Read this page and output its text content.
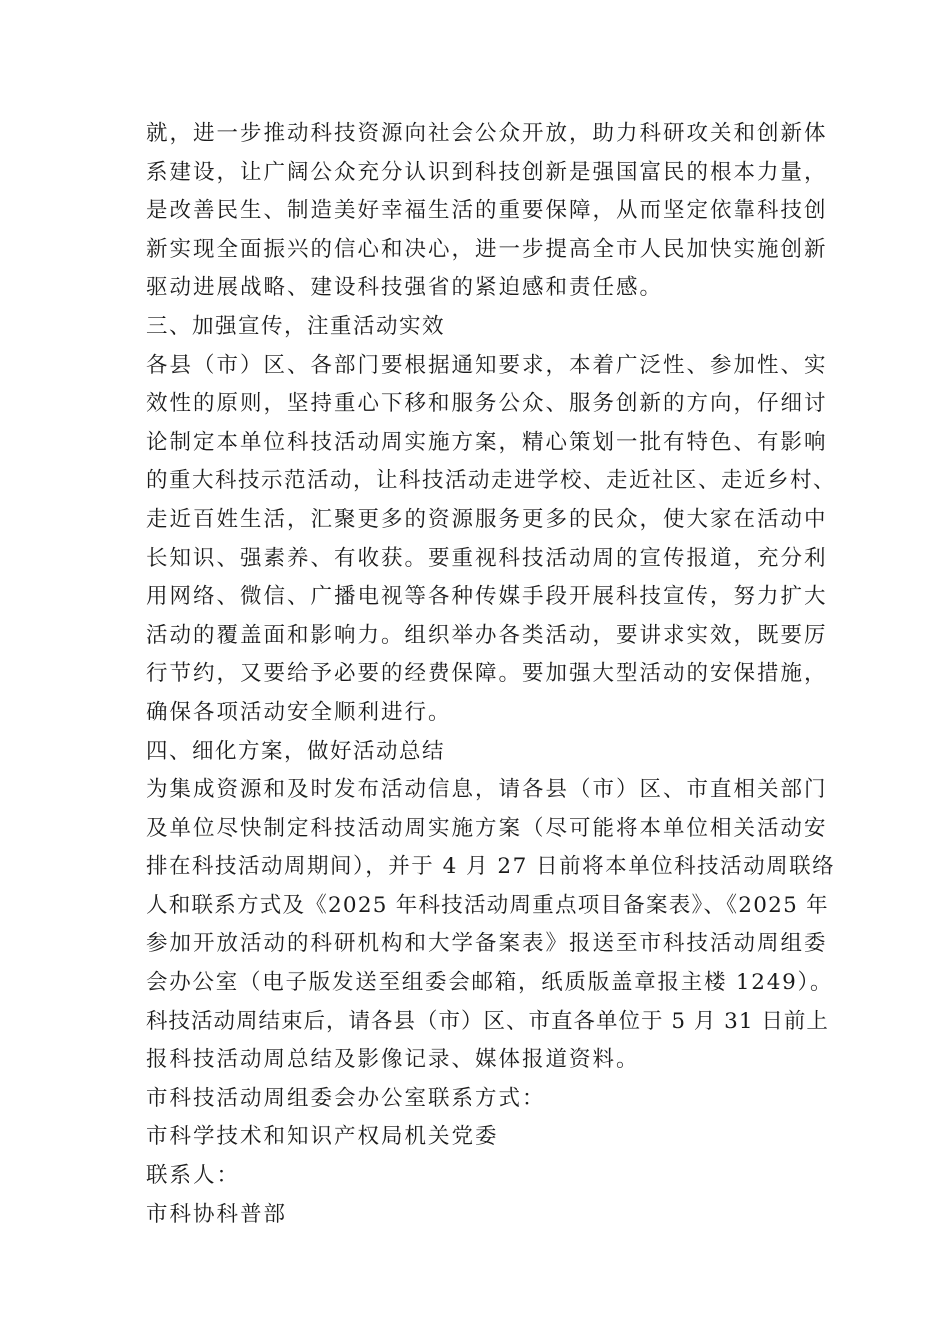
就，进一步推动科技资源向社会公众开放，助力科研攻关和创新体
系建设，让广阔公众充分认识到科技创新是强国富民的根本力量，
是改善民生、制造美好幸福生活的重要保障，从而坚定依靠科技创
新实现全面振兴的信心和决心，进一步提高全市人民加快实施创新
驱动进展战略、建设科技强省的紧迫感和责任感。
三、加强宣传，注重活动实效
各县（市）区、各部门要根据通知要求，本着广泛性、参加性、实
效性的原则，坚持重心下移和服务公众、服务创新的方向，仔细讨
论制定本单位科技活动周实施方案，精心策划一批有特色、有影响
的重大科技示范活动，让科技活动走进学校、走近社区、走近乡村、
走近百姓生活，汇聚更多的资源服务更多的民众，使大家在活动中
长知识、强素养、有收获。要重视科技活动周的宣传报道，充分利
用网络、微信、广播电视等各种传媒手段开展科技宣传，努力扩大
活动的覆盖面和影响力。组织举办各类活动，要讲求实效，既要厉
行节约，又要给予必要的经费保障。要加强大型活动的安保措施，
确保各项活动安全顺利进行。
四、细化方案，做好活动总结
为集成资源和及时发布活动信息，请各县（市）区、市直相关部门
及单位尽快制定科技活动周实施方案（尽可能将本单位相关活动安
排在科技活动周期间），并于 4 月 27 日前将本单位科技活动周联络
人和联系方式及《2025 年科技活动周重点项目备案表》、《2025 年
参加开放活动的科研机构和大学备案表》报送至市科技活动周组委
会办公室（电子版发送至组委会邮箱，纸质版盖章报主楼 1249）。
科技活动周结束后，请各县（市）区、市直各单位于 5 月 31 日前上
报科技活动周总结及影像记录、媒体报道资料。
市科技活动周组委会办公室联系方式：
市科学技术和知识产权局机关党委
联系人：
市科协科普部
